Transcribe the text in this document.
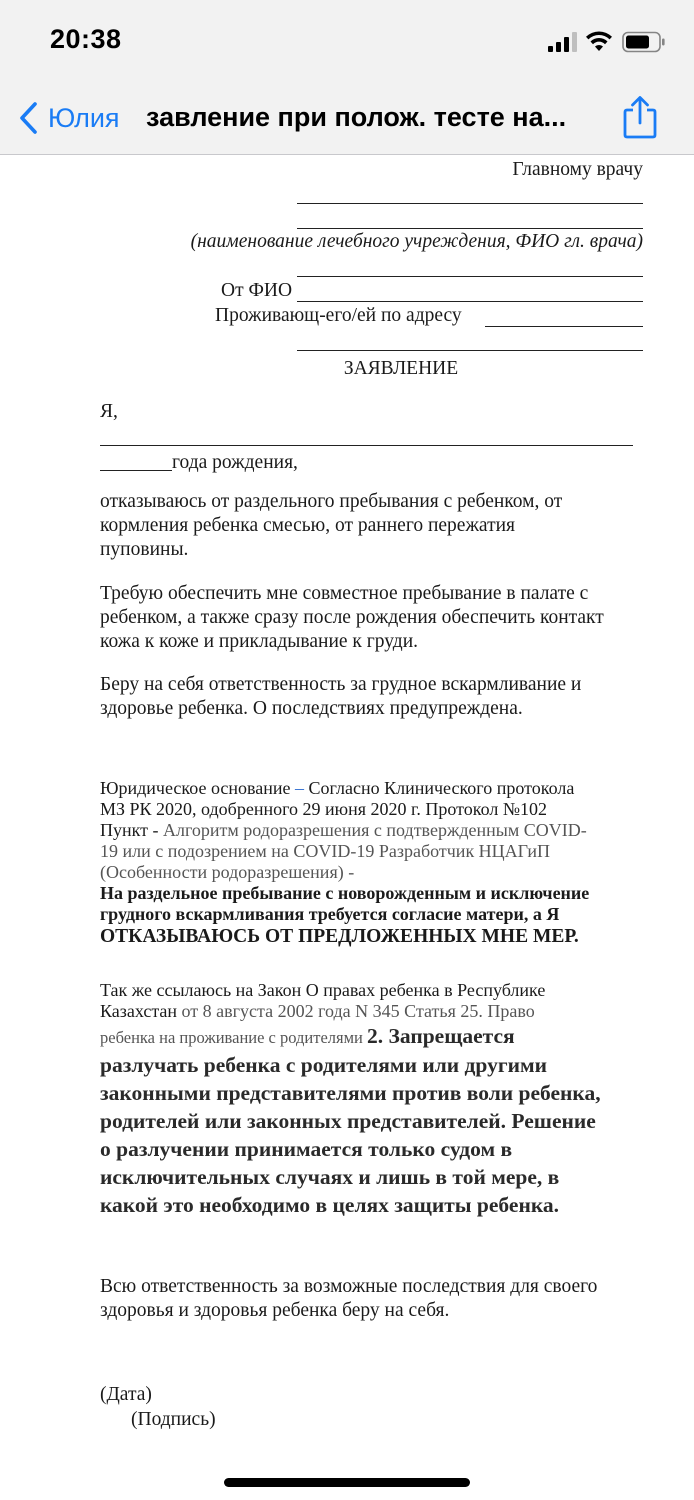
20:38
Юлия завление при полож. тесте на...
Главному врачу
(наименование лечебного учреждения, ФИО гл. врача)
От ФИО
Проживающ-его/ей по адресу
ЗАЯВЛЕНИЕ
Я,
года рождения,
отказываюсь от раздельного пребывания с ребенком, от
кормления ребенка смесью, от раннего пережатия
пуповины.
Требую обеспечить мне совместное пребывание в палате с
ребенком, а также сразу после рождения обеспечить контакт
кожа к коже и прикладывание к груди.
Беру на себя ответственность за грудное вскармливание и
здоровье ребенка. О последствиях предупреждена.
Юридическое основание – Согласно Клинического протокола
МЗ РК 2020, одобренного 29 июня 2020 г. Протокол №102
Пункт - Алгоритм родоразрешения с подтвержденным COVID-
19 или с подозрением на COVID-19 Разработчик НЦАГиП
(Особенности родоразрешения) -
На раздельное пребывание с новорожденным и исключение
грудного вскармливания требуется согласие матери, а Я
ОТКАЗЫВАЮСЬ ОТ ПРЕДЛОЖЕННЫХ МНЕ МЕР.
Так же ссылаюсь на Закон О правах ребенка в Республике
Казахстан от 8 августа 2002 года N 345 Статья 25. Право
ребенка на проживание с родителями 2. Запрещается
разлучать ребенка с родителями или другими
законными представителями против воли ребенка,
родителей или законных представителей. Решение
о разлучении принимается только судом в
исключительных случаях и лишь в той мере, в
какой это необходимо в целях защиты ребенка.
Всю ответственность за возможные последствия для своего
здоровья и здоровья ребенка беру на себя.
(Дата)
(Подпись)
